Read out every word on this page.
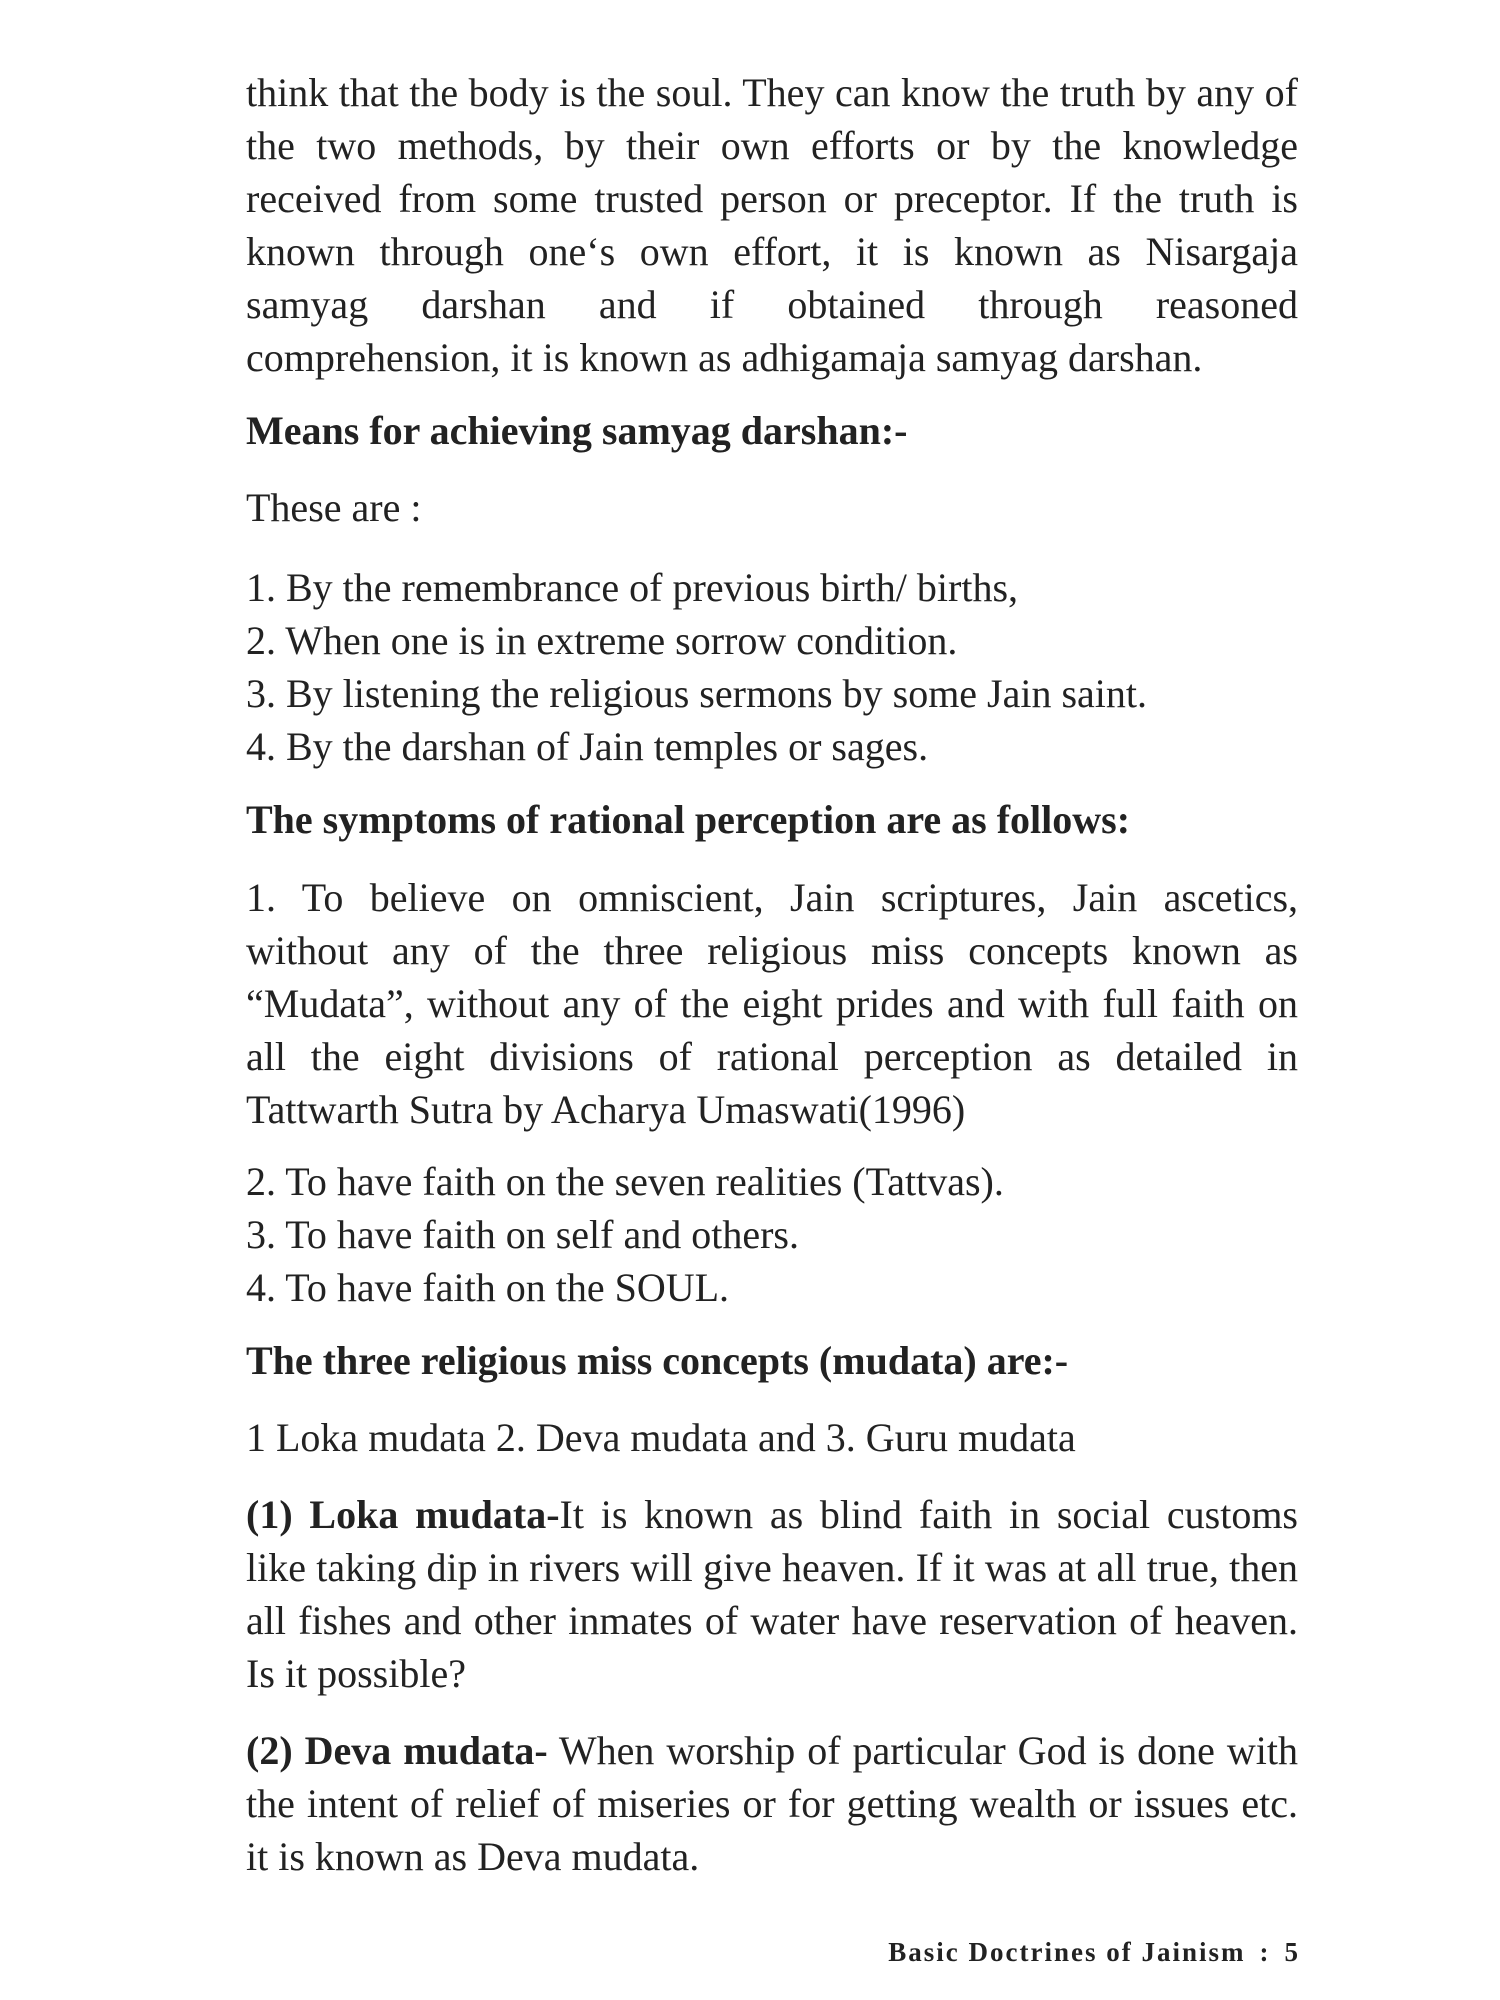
think that the body is the soul. They can know the truth by any of the two methods, by their own efforts or by the knowledge received from some trusted person or preceptor. If the truth is known through one‘s own effort, it is known as Nisargaja samyag darshan and if obtained through reasoned comprehension, it is known as adhigamaja samyag darshan.

Means for achieving samyag darshan:-

These are :

1. By the remembrance of previous birth/ births,
2. When one is in extreme sorrow condition.
3. By listening the religious sermons by some Jain saint.
4. By the darshan of Jain temples or sages.

The symptoms of rational perception are as follows:

1. To believe on omniscient, Jain scriptures, Jain ascetics, without any of the three religious miss concepts known as “Mudata”, without any of the eight prides and with full faith on all the eight divisions of rational perception as detailed in Tattwarth Sutra by Acharya Umaswati(1996)

2. To have faith on the seven realities (Tattvas).
3. To have faith on self and others.
4. To have faith on the SOUL.

The three religious miss concepts (mudata) are:-

1 Loka mudata 2. Deva mudata and 3. Guru mudata

(1) Loka mudata-It is known as blind faith in social customs like taking dip in rivers will give heaven. If it was at all true, then all fishes and other inmates of water have reservation of heaven. Is it possible?

(2) Deva mudata- When worship of particular God is done with the intent of relief of miseries or for getting wealth or issues etc. it is known as Deva mudata.

Basic Doctrines of Jainism : 5
